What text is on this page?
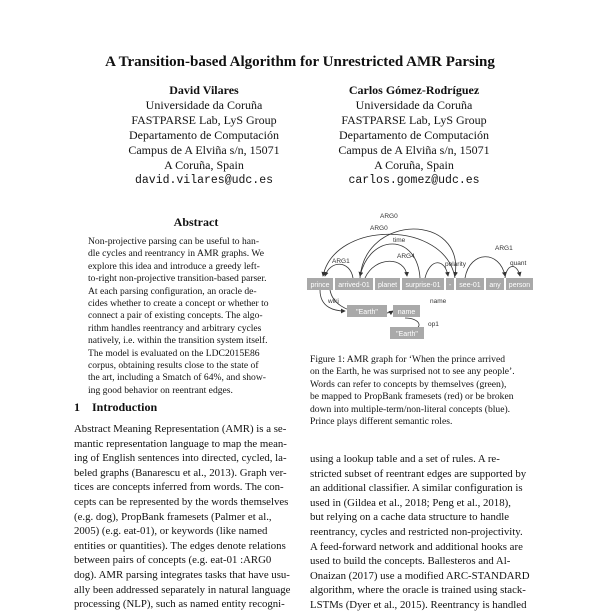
A Transition-based Algorithm for Unrestricted AMR Parsing
David Vilares
Universidade da Coruña
FASTPARSE Lab, LyS Group
Departamento de Computación
Campus de A Elviña s/n, 15071
A Coruña, Spain
david.vilares@udc.es
Carlos Gómez-Rodríguez
Universidade da Coruña
FASTPARSE Lab, LyS Group
Departamento de Computación
Campus de A Elviña s/n, 15071
A Coruña, Spain
carlos.gomez@udc.es
Abstract
Non-projective parsing can be useful to han-
dle cycles and reentrancy in AMR graphs. We
explore this idea and introduce a greedy left-
to-right non-projective transition-based parser.
At each parsing configuration, an oracle de-
cides whether to create a concept or whether to
connect a pair of existing concepts. The algo-
rithm handles reentrancy and arbitrary cycles
natively, i.e. within the transition system itself.
The model is evaluated on the LDC2015E86
corpus, obtaining results close to the state of
the art, including a Smatch of 64%, and show-
ing good behavior on reentrant edges.
1 Introduction
Abstract Meaning Representation (AMR) is a se-
mantic representation language to map the mean-
ing of English sentences into directed, cycled, la-
beled graphs (Banarescu et al., 2013). Graph ver-
tices are concepts inferred from words. The con-
cepts can be represented by the words themselves
(e.g. dog), PropBank framesets (Palmer et al.,
2005) (e.g. eat-01), or keywords (like named
entities or quantities). The edges denote relations
between pairs of concepts (e.g. eat-01 :ARG0
dog). AMR parsing integrates tasks that have usu-
ally been addressed separately in natural language
processing (NLP), such as named entity recogni-
ARG0
ARG0
time
ARG1
ARG4
polarity
ARG1
quant
wiki	name
op1
prince arrived-01 planet surprise-01 - see-01 any person
"Earth"	name
"Earth"
Figure 1: AMR graph for ‘When the prince arrived
on the Earth, he was surprised not to see any people’.
Words can refer to concepts by themselves (green),
be mapped to PropBank framesets (red) or be broken
down into multiple-term/non-literal concepts (blue).
Prince plays different semantic roles.
using a lookup table and a set of rules. A re-
stricted subset of reentrant edges are supported by
an additional classifier. A similar configuration is
used in (Gildea et al., 2018; Peng et al., 2018),
but relying on a cache data structure to handle
reentrancy, cycles and restricted non-projectivity.
A feed-forward network and additional hooks are
used to build the concepts. Ballesteros and Al-
Onaizan (2017) use a modified ARC-STANDARD
algorithm, where the oracle is trained using stack-
LSTMs (Dyer et al., 2015). Reentrancy is handled
